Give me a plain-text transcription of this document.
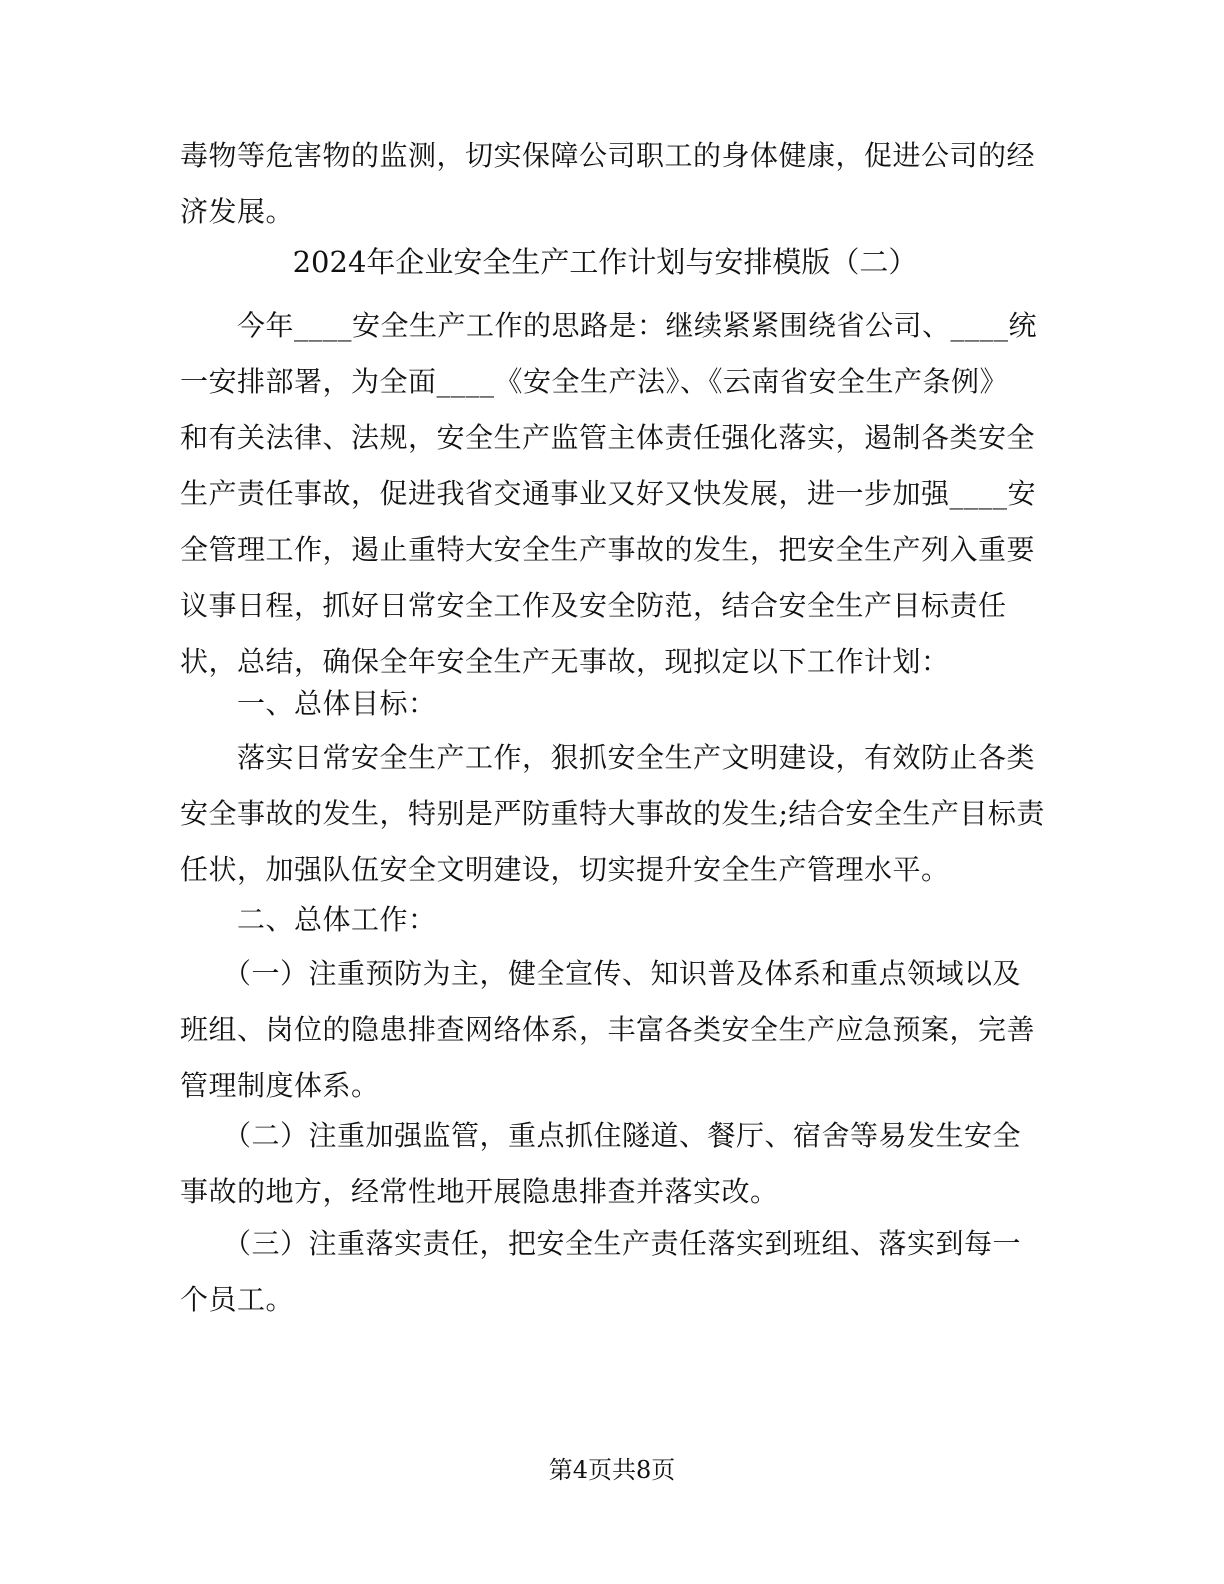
毒物等危害物的监测，切实保障公司职工的身体健康，促进公司的经
济发展。
2024年企业安全生产工作计划与安排模版（二）
　　今年____安全生产工作的思路是：继续紧紧围绕省公司、____统
一安排部署，为全面____《安全生产法》、《云南省安全生产条例》
和有关法律、法规，安全生产监管主体责任强化落实，遏制各类安全
生产责任事故，促进我省交通事业又好又快发展，进一步加强____安
全管理工作，遏止重特大安全生产事故的发生，把安全生产列入重要
议事日程，抓好日常安全工作及安全防范，结合安全生产目标责任
状，总结，确保全年安全生产无事故，现拟定以下工作计划：
　　一、总体目标：
　　落实日常安全生产工作，狠抓安全生产文明建设，有效防止各类
安全事故的发生，特别是严防重特大事故的发生;结合安全生产目标责
任状，加强队伍安全文明建设，切实提升安全生产管理水平。
　　二、总体工作：
　　（一）注重预防为主，健全宣传、知识普及体系和重点领域以及
班组、岗位的隐患排查网络体系，丰富各类安全生产应急预案，完善
管理制度体系。
　　（二）注重加强监管，重点抓住隧道、餐厅、宿舍等易发生安全
事故的地方，经常性地开展隐患排查并落实改。
　　（三）注重落实责任，把安全生产责任落实到班组、落实到每一
个员工。
第4页共8页
